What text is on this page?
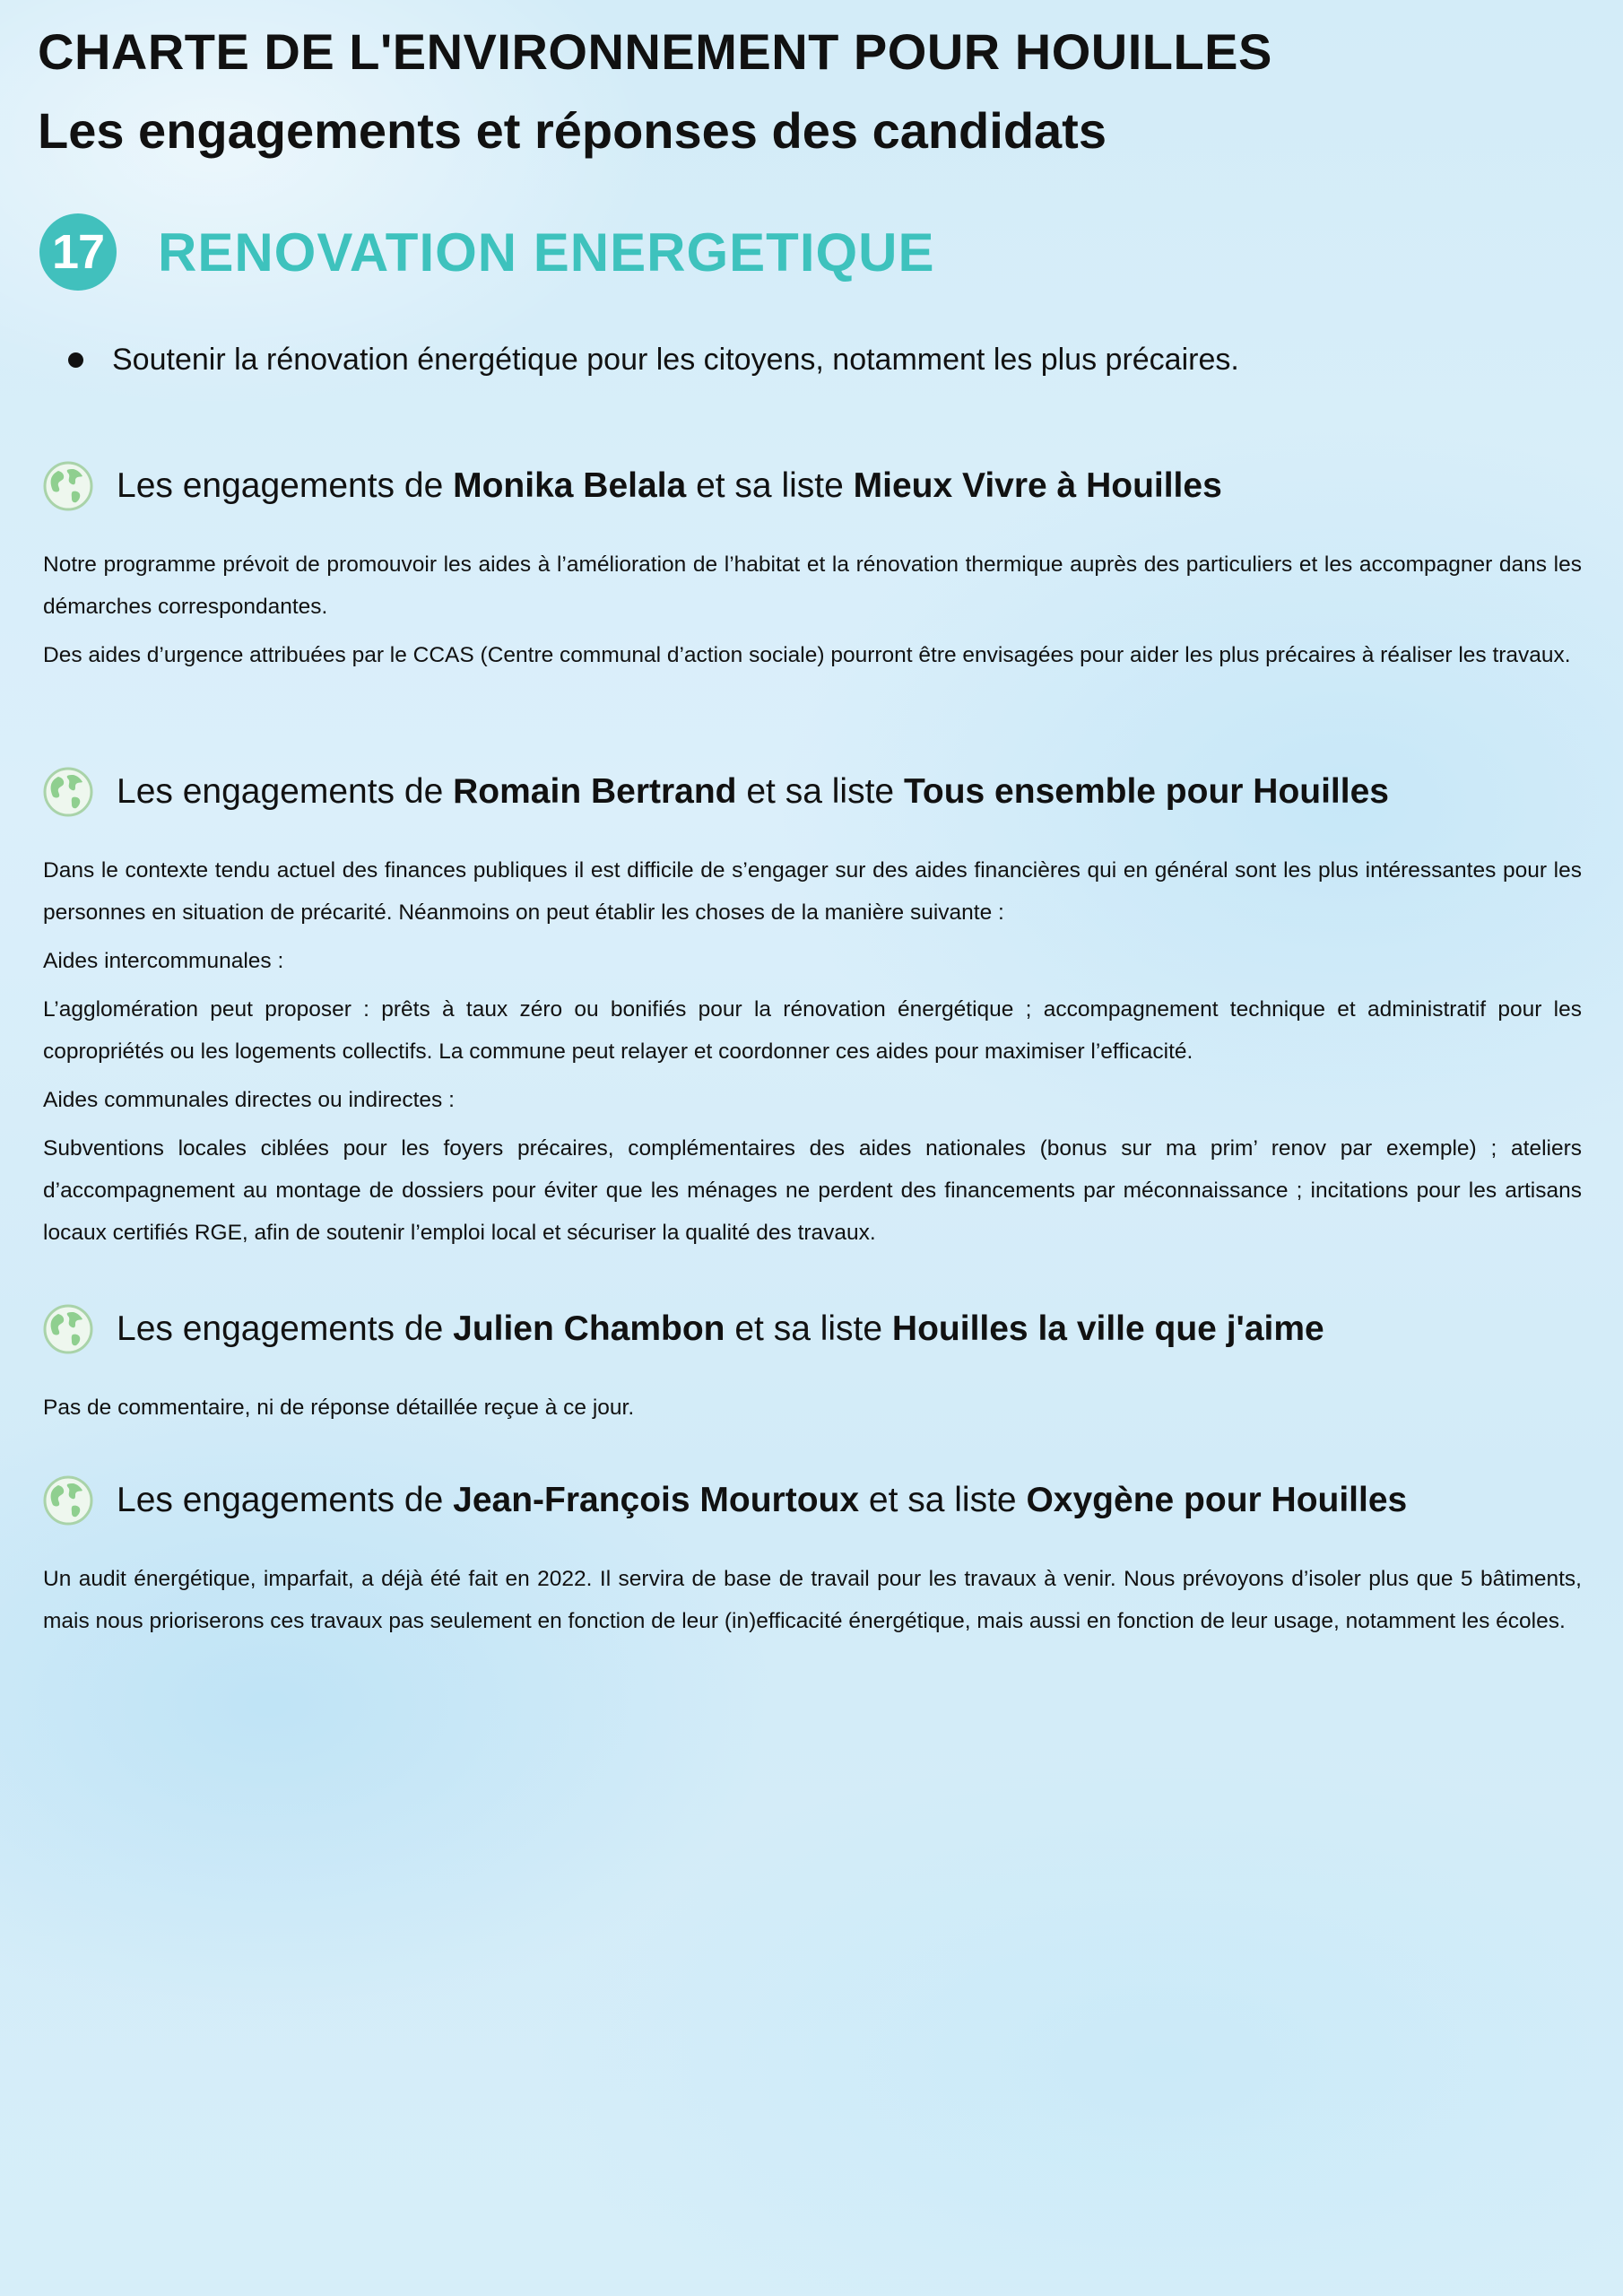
CHARTE DE L'ENVIRONNEMENT POUR HOUILLES
Les engagements et réponses des candidats
17 RENOVATION ENERGETIQUE
Soutenir la rénovation énergétique pour les citoyens, notamment les plus précaires.
Les engagements de Monika Belala et sa liste Mieux Vivre à Houilles

Notre programme prévoit de promouvoir les aides à l’amélioration de l’habitat et la rénovation thermique auprès des particuliers et les accompagner dans les démarches correspondantes.

Des aides d’urgence attribuées par le CCAS (Centre communal d’action sociale) pourront être envisagées pour aider les plus précaires à réaliser les travaux.

Les engagements de Romain Bertrand et sa liste Tous ensemble pour Houilles

Dans le contexte tendu actuel des finances publiques il est difficile de s’engager sur des aides financières qui en général sont les plus intéressantes pour les personnes en situation de précarité. Néanmoins on peut établir les choses de la manière suivante :

Aides intercommunales :

L’agglomération peut proposer : prêts à taux zéro ou bonifiés pour la rénovation énergétique ; accompagnement technique et administratif pour les copropriétés ou les logements collectifs. La commune peut relayer et coordonner ces aides pour maximiser l’efficacité.

Aides communales directes ou indirectes :

Subventions locales ciblées pour les foyers précaires, complémentaires des aides nationales (bonus sur ma prim’ renov par exemple) ; ateliers d’accompagnement au montage de dossiers pour éviter que les ménages ne perdent des financements par méconnaissance ; incitations pour les artisans locaux certifiés RGE, afin de soutenir l’emploi local et sécuriser la qualité des travaux.

Les engagements de Julien Chambon et sa liste Houilles la ville que j'aime

Pas de commentaire, ni de réponse détaillée reçue à ce jour.

Les engagements de Jean-François Mourtoux et sa liste Oxygène pour Houilles

Un audit énergétique, imparfait, a déjà été fait en 2022. Il servira de base de travail pour les travaux à venir. Nous prévoyons d’isoler plus que 5 bâtiments, mais nous prioriserons ces travaux pas seulement en fonction de leur (in)efficacité énergétique, mais aussi en fonction de leur usage, notamment les écoles.
